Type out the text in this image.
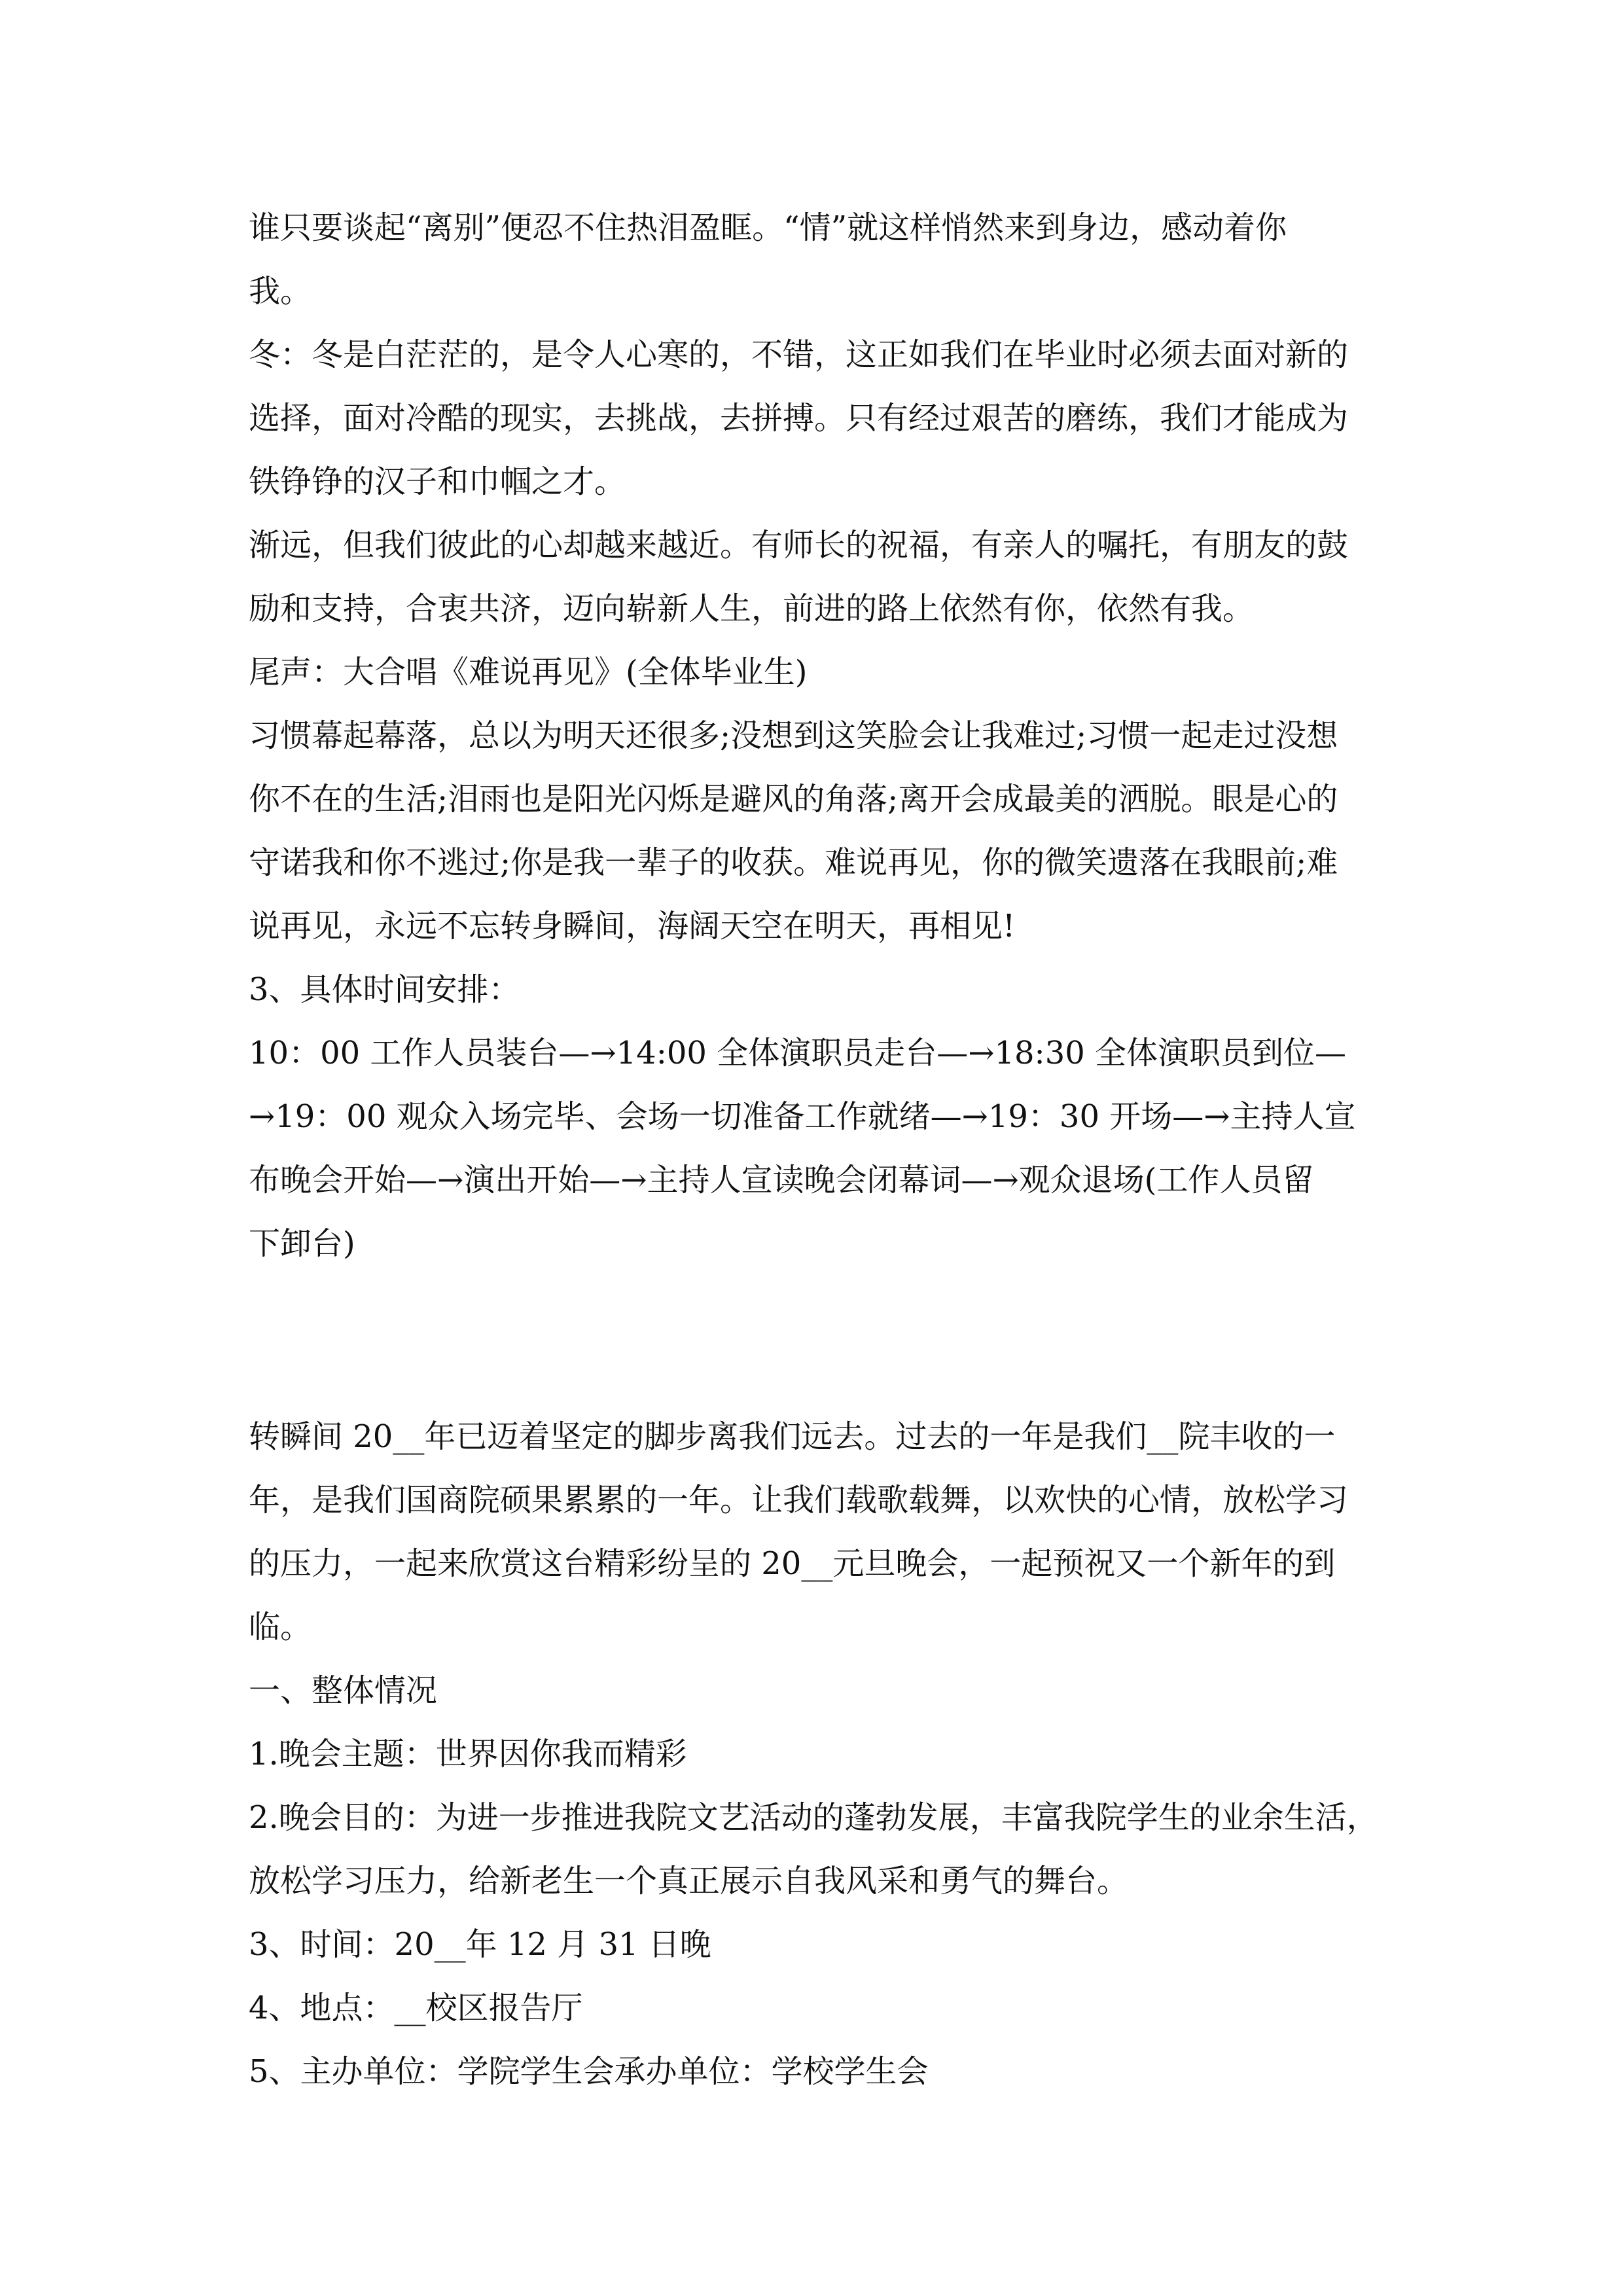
谁只要谈起“离别”便忍不住热泪盈眶。“情”就这样悄然来到身边，感动着你

我。

冬：冬是白茫茫的，是令人心寒的，不错，这正如我们在毕业时必须去面对新的

选择，面对冷酷的现实，去挑战，去拼搏。只有经过艰苦的磨练，我们才能成为

铁铮铮的汉子和巾帼之才。

渐远，但我们彼此的心却越来越近。有师长的祝福，有亲人的嘱托，有朋友的鼓

励和支持，合衷共济，迈向崭新人生，前进的路上依然有你，依然有我。

尾声：大合唱《难说再见》(全体毕业生)

习惯幕起幕落，总以为明天还很多;没想到这笑脸会让我难过;习惯一起走过没想

你不在的生活;泪雨也是阳光闪烁是避风的角落;离开会成最美的洒脱。眼是心的

守诺我和你不逃过;你是我一辈子的收获。难说再见，你的微笑遗落在我眼前;难

说再见，永远不忘转身瞬间，海阔天空在明天，再相见!

3、具体时间安排：

10：00 工作人员装台—→14:00 全体演职员走台—→18:30 全体演职员到位—

→19：00 观众入场完毕、会场一切准备工作就绪—→19：30 开场—→主持人宣

布晚会开始—→演出开始—→主持人宣读晚会闭幕词—→观众退场(工作人员留

下卸台)

转瞬间 20__年已迈着坚定的脚步离我们远去。过去的一年是我们__院丰收的一

年，是我们国商院硕果累累的一年。让我们载歌载舞，以欢快的心情，放松学习

的压力，一起来欣赏这台精彩纷呈的 20__元旦晚会，一起预祝又一个新年的到

临。

一、整体情况

1.晚会主题：世界因你我而精彩

2.晚会目的：为进一步推进我院文艺活动的蓬勃发展，丰富我院学生的业余生活，

放松学习压力，给新老生一个真正展示自我风采和勇气的舞台。

3、时间：20__年 12 月 31 日晚

4、地点：__校区报告厅

5、主办单位：学院学生会承办单位：学校学生会
